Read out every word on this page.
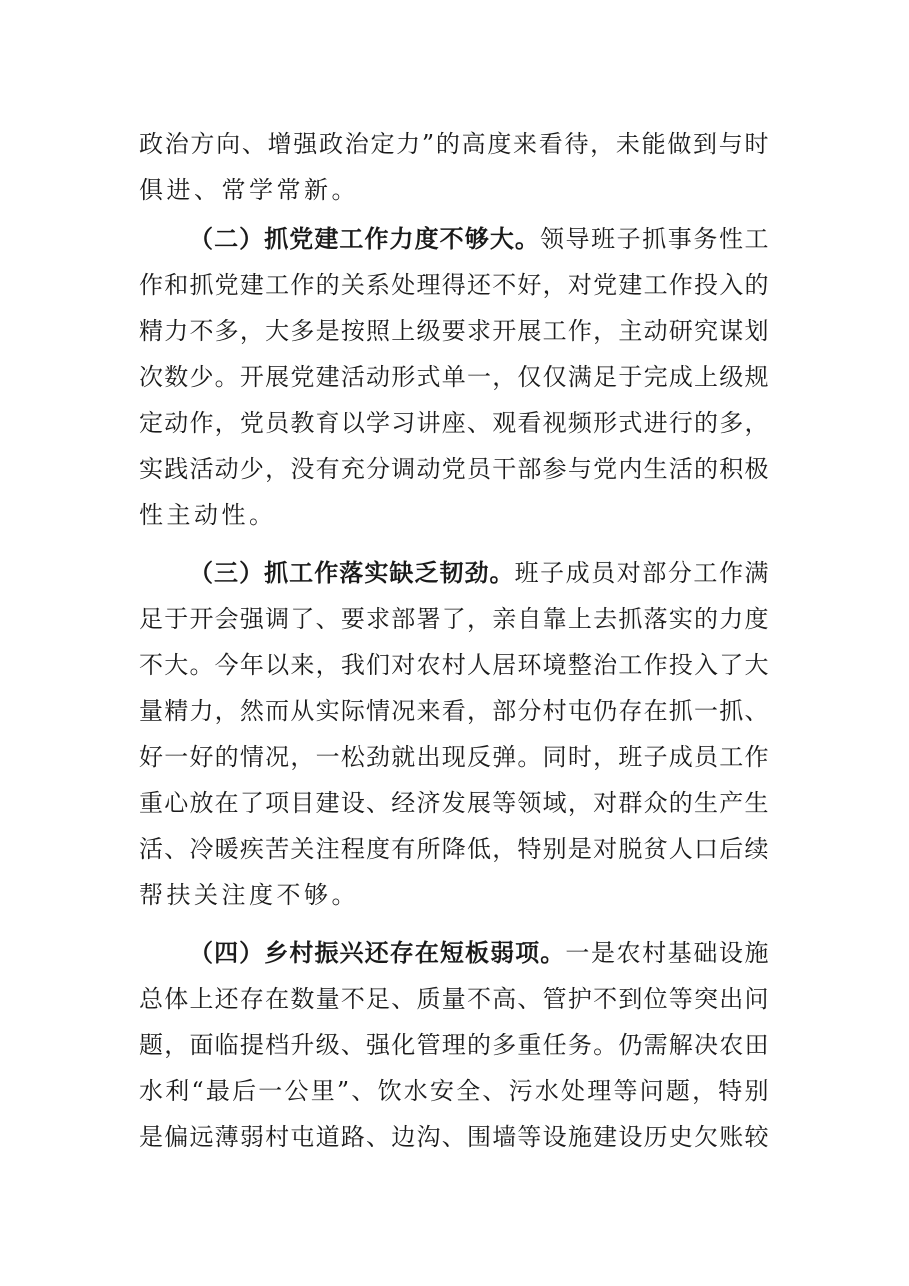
政治方向、增强政治定力”的高度来看待，未能做到与时
俱进、常学常新。
（二）抓党建工作力度不够大。领导班子抓事务性工
作和抓党建工作的关系处理得还不好，对党建工作投入的
精力不多，大多是按照上级要求开展工作，主动研究谋划
次数少。开展党建活动形式单一，仅仅满足于完成上级规
定动作，党员教育以学习讲座、观看视频形式进行的多，
实践活动少，没有充分调动党员干部参与党内生活的积极
性主动性。
（三）抓工作落实缺乏韧劲。班子成员对部分工作满
足于开会强调了、要求部署了，亲自靠上去抓落实的力度
不大。今年以来，我们对农村人居环境整治工作投入了大
量精力，然而从实际情况来看，部分村屯仍存在抓一抓、
好一好的情况，一松劲就出现反弹。同时，班子成员工作
重心放在了项目建设、经济发展等领域，对群众的生产生
活、冷暖疾苦关注程度有所降低，特别是对脱贫人口后续
帮扶关注度不够。
（四）乡村振兴还存在短板弱项。一是农村基础设施
总体上还存在数量不足、质量不高、管护不到位等突出问
题，面临提档升级、强化管理的多重任务。仍需解决农田
水利“最后一公里”、饮水安全、污水处理等问题，特别
是偏远薄弱村屯道路、边沟、围墙等设施建设历史欠账较
